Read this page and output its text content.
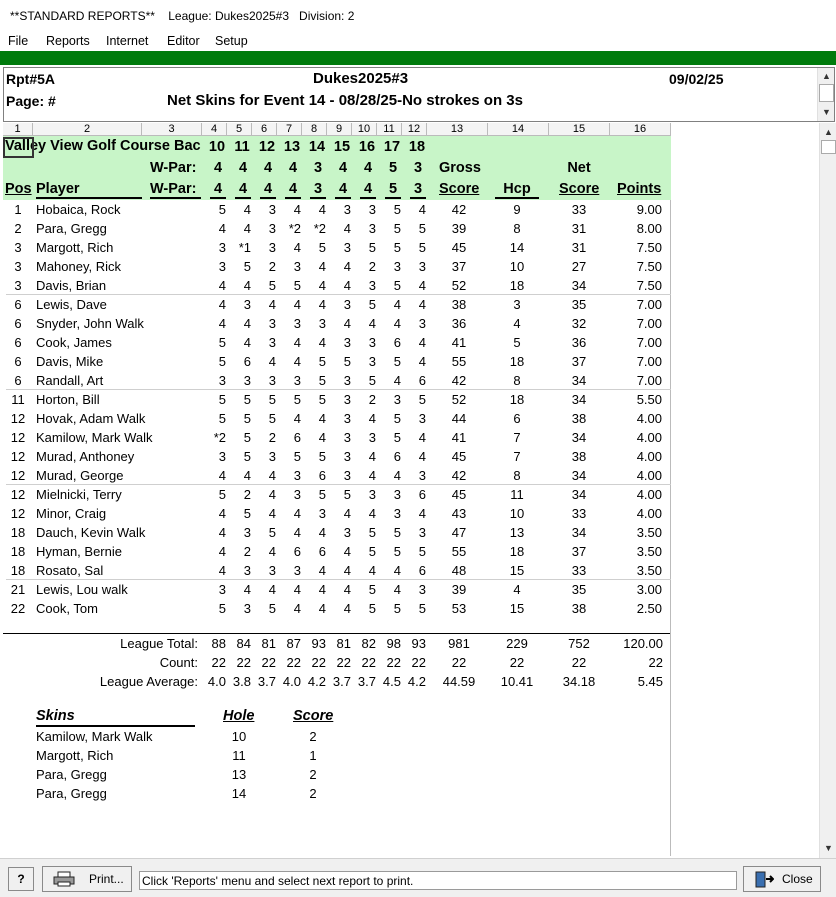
**STANDARD REPORTS**    League: Dukes2025#3   Division: 2
File Reports Internet Editor Setup
Rpt#5A	Dukes2025#3	09/02/25
Page: #	Net Skins for Event 14 - 08/28/25-No strokes on 3s
▲
▼
1	2	3	4	5	6	7	8	9	10	11	12	13	14	15	16
Valley View Golf Course Bac 10 11 12 13 14 15 16 17 18
W-Par:	4	4	4	4	3	4	4	5	3	Gross	Net
Pos Player	W-Par:	4 4 4 4 3 4 4 5 3 Score	Hcp	Score Points
1	Hobaica, Rock	5	4	3	4	4	3	3	5	4	42	9	33	9.00
2	Para, Gregg	4	4	3 *2 *2	4	3	5	5	39	8	31	8.00
3	Margott, Rich	3 *1	3	4	5	3	5	5	5	45	14	31	7.50
3	Mahoney, Rick	3	5	2	3	4	4	2	3	3	37	10	27	7.50
3	Davis, Brian	4	4	5	5	4	4	3	5	4	52	18	34	7.50
6	Lewis, Dave	4	3	4	4	4	3	5	4	4	38	3	35	7.00
6	Snyder, John Walk	4	4	3	3	3	4	4	4	3	36	4	32	7.00
6	Cook, James	5	4	3	4	4	3	3	6	4	41	5	36	7.00
6	Davis, Mike	5	6	4	4	5	5	3	5	4	55	18	37	7.00
6	Randall, Art	3	3	3	3	5	3	5	4	6	42	8	34	7.00
11 Horton, Bill	5	5	5	5	5	3	2	3	5	52	18	34	5.50
12 Hovak, Adam Walk	5	5	5	4	4	3	4	5	3	44	6	38	4.00
12 Kamilow, Mark Walk	*2	5	2	6	4	3	3	5	4	41	7	34	4.00
12 Murad, Anthoney	3	5	3	5	5	3	4	6	4	45	7	38	4.00
12 Murad, George	4	4	4	3	6	3	4	4	3	42	8	34	4.00
12 Mielnicki, Terry	5	2	4	3	5	5	3	3	6	45	11	34	4.00
12 Minor, Craig	4	5	4	4	3	4	4	3	4	43	10	33	4.00
18 Dauch, Kevin Walk	4	3	5	4	4	3	5	5	3	47	13	34	3.50
18 Hyman, Bernie	4	2	4	6	6	4	5	5	5	55	18	37	3.50
18 Rosato, Sal	4	3	3	3	4	4	4	4	6	48	15	33	3.50
21 Lewis, Lou walk	3	4	4	4	4	4	5	4	3	39	4	35	3.00
22 Cook, Tom	5	3	5	4	4	4	5	5	5	53	15	38	2.50
League Total:	88 84 81 87 93 81 82 98 93	981	229	752	120.00
Count:	22 22 22 22 22 22 22 22 22	22	22	22	22
League Average: 4.0 3.8 3.7 4.0 4.2 3.7 3.7 4.5 4.2	44.59	10.41	34.18	5.45
Skins	Hole	Score
Kamilow, Mark Walk	10	2
Margott, Rich	11	1
Para, Gregg	13	2
Para, Gregg	14	2
▲
▼
?	Print... Click 'Reports' menu and select next report to print.	Close
